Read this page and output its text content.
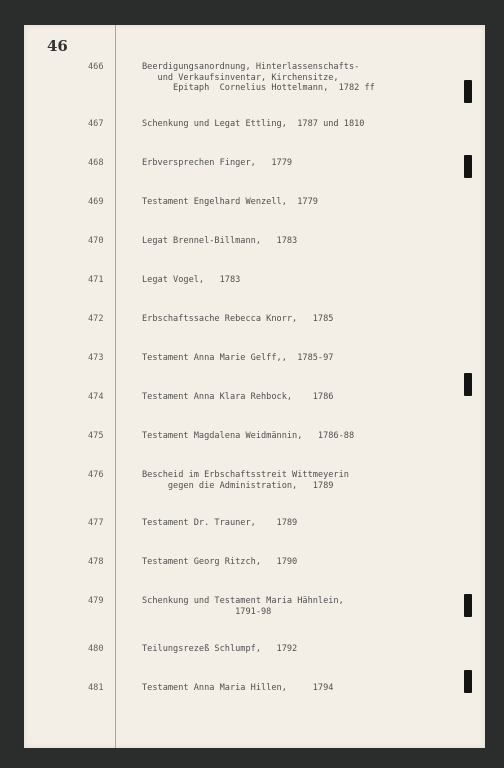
46
466	Beerdigungsanordnung, Hinterlassenschafts-
und Verkaufsinventar, Kirchensitze,
Epitaph  Cornelius Hottelmann,  1782 ff
467	Schenkung und Legat Ettling,  1787 und 1810
468	Erbversprechen Finger,   1779
469	Testament Engelhard Wenzell,  1779
470	Legat Brennel-Billmann,   1783
471	Legat Vogel,   1783
472	Erbschaftssache Rebecca Knorr,   1785
473	Testament Anna Marie Gelff,,  1785-97
474	Testament Anna Klara Rehbock,    1786
475	Testament Magdalena Weidmännin,   1786-88
476	Bescheid im Erbschaftsstreit Wittmeyerin
gegen die Administration,   1789
477	Testament Dr. Trauner,    1789
478	Testament Georg Ritzch,   1790
479	Schenkung und Testament Maria Hähnlein,
1791-98
480	Teilungsrezeß Schlumpf,   1792
481	Testament Anna Maria Hillen,     1794
